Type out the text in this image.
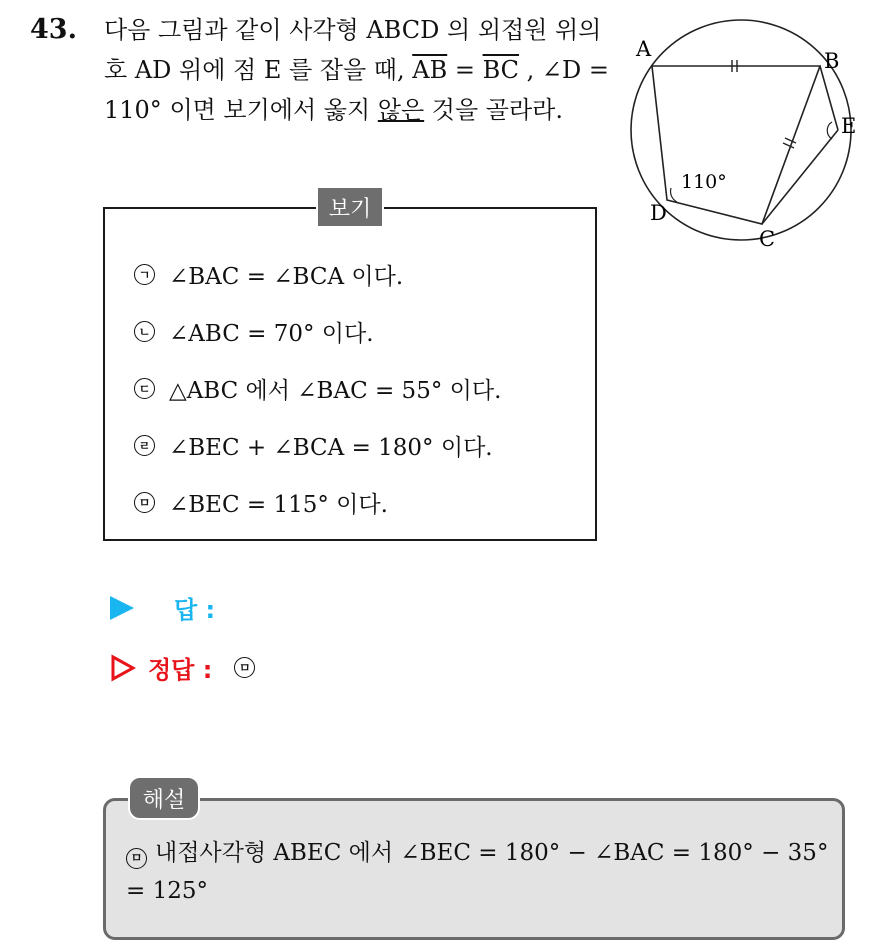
43. 다음 그림과 같이 사각형 ABCD 의 외접원 위의 호 AD 위에 점 E 를 잡을 때, $\overline{AB} = \overline{BC}$ , ∠D = 110° 이면 보기에서 옳지 않은 것을 골라라.
A	B
C
D
E
110°
보기
ㄱ ∠BAC = ∠BCA 이다.
ㄴ ∠ABC = 70° 이다.
ㄷ △ABC 에서 ∠BAC = 55° 이다.
ㄹ ∠BEC + ∠BCA = 180° 이다.
ㅁ ∠BEC = 115° 이다.
답 :
정답 :	ㅁ
해설
ㅁ 내접사각형 ABEC 에서 ∠BEC = 180° − ∠BAC = 180° − 35° = 125°
